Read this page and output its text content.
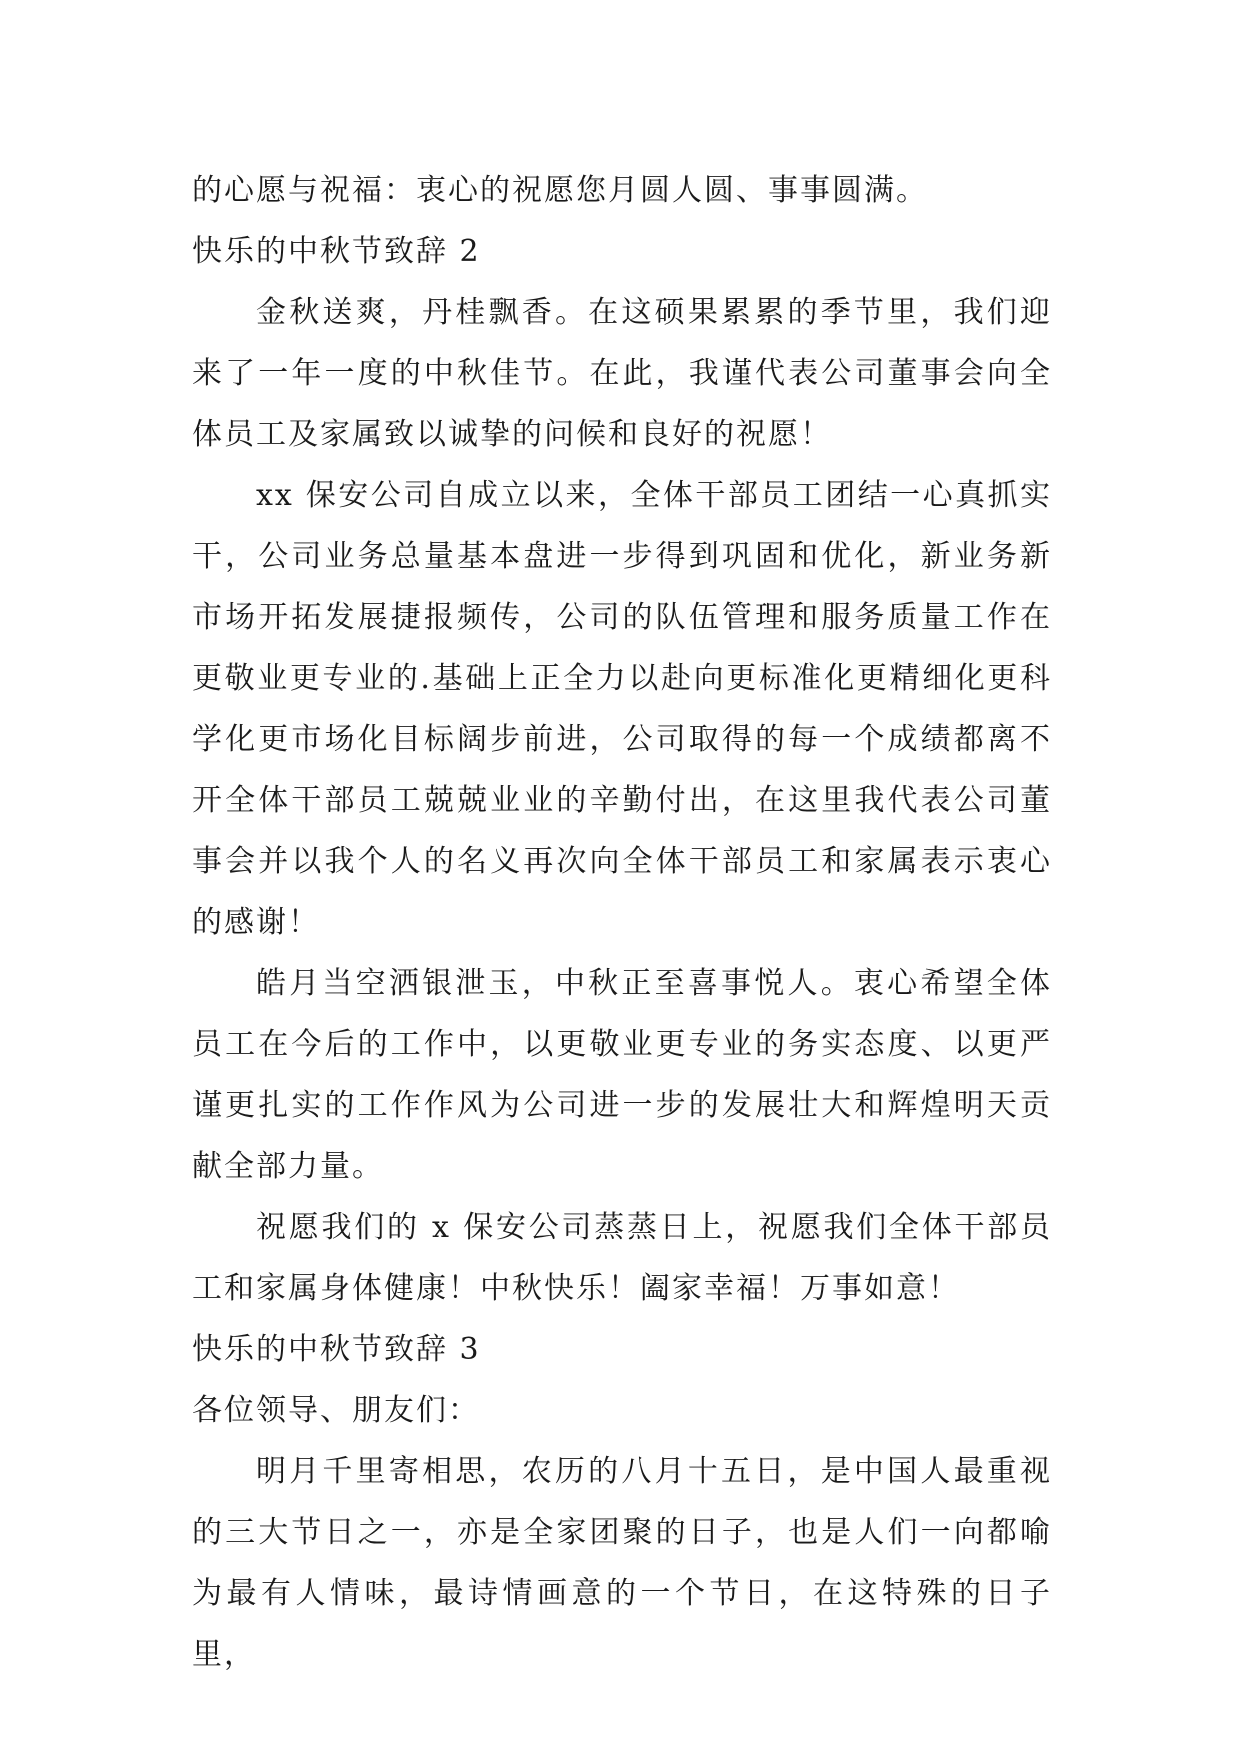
的心愿与祝福：衷心的祝愿您月圆人圆、事事圆满。

快乐的中秋节致辞 2

金秋送爽，丹桂飘香。在这硕果累累的季节里，我们迎来了一年一度的中秋佳节。在此，我谨代表公司董事会向全体员工及家属致以诚挚的问候和良好的祝愿！

xx 保安公司自成立以来，全体干部员工团结一心真抓实干，公司业务总量基本盘进一步得到巩固和优化，新业务新市场开拓发展捷报频传，公司的队伍管理和服务质量工作在更敬业更专业的.基础上正全力以赴向更标准化更精细化更科学化更市场化目标阔步前进，公司取得的每一个成绩都离不开全体干部员工兢兢业业的辛勤付出，在这里我代表公司董事会并以我个人的名义再次向全体干部员工和家属表示衷心的感谢！

皓月当空洒银泄玉，中秋正至喜事悦人。衷心希望全体员工在今后的工作中，以更敬业更专业的务实态度、以更严谨更扎实的工作作风为公司进一步的发展壮大和辉煌明天贡献全部力量。

祝愿我们的 x 保安公司蒸蒸日上，祝愿我们全体干部员工和家属身体健康！中秋快乐！阖家幸福！万事如意！

快乐的中秋节致辞 3

各位领导、朋友们：

明月千里寄相思，农历的八月十五日，是中国人最重视的三大节日之一，亦是全家团聚的日子，也是人们一向都喻为最有人情味，最诗情画意的一个节日，在这特殊的日子里，
